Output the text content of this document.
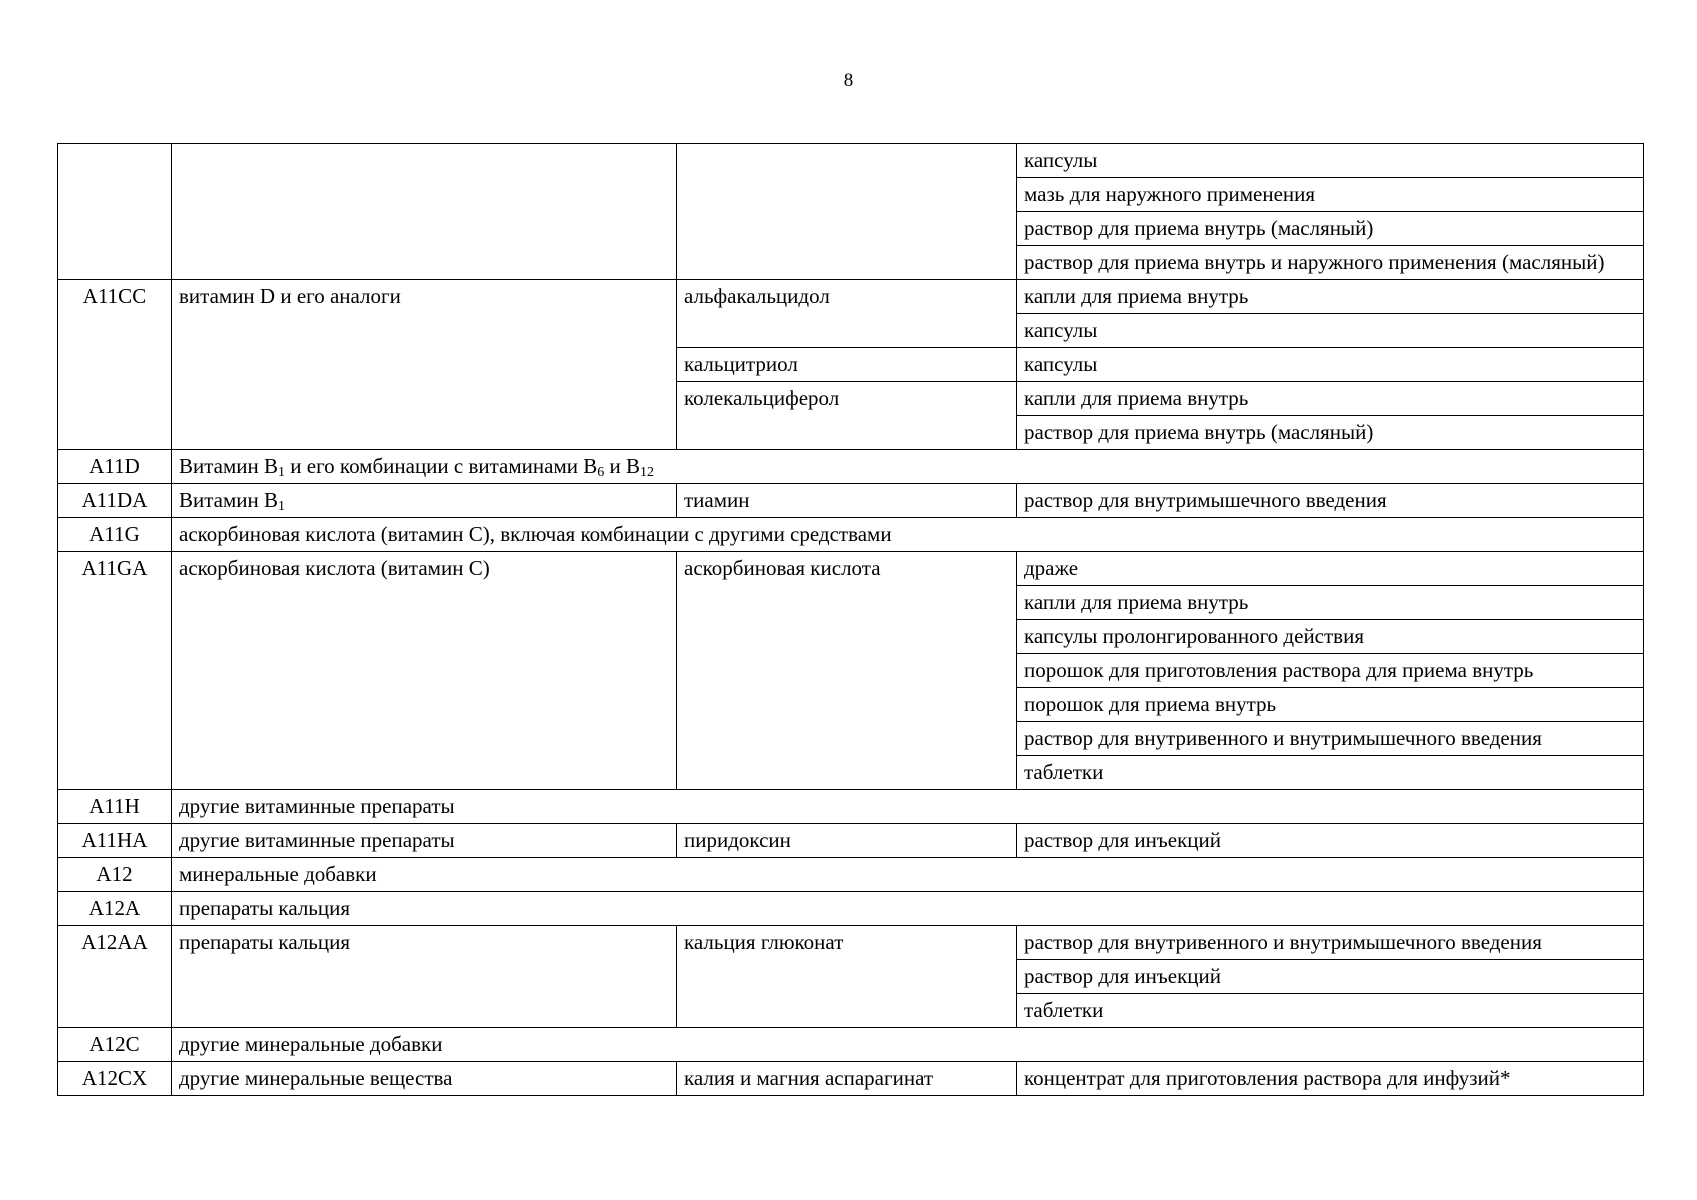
8
			капсулы
			мазь для наружного применения
			раствор для приема внутрь (масляный)
			раствор для приема внутрь и наружного применения (масляный)
A11CC	витамин D и его аналоги	альфакальцидол	капли для приема внутрь
			капсулы
		кальцитриол	капсулы
		колекальциферол	капли для приема внутрь
			раствор для приема внутрь (масляный)
A11D	Витамин $B_1$ и его комбинации с витаминами $B_6$ и $B_{12}$
A11DA	Витамин $B_1$	тиамин	раствор для внутримышечного введения
A11G	аскорбиновая кислота (витамин С), включая комбинации с другими средствами		
A11GA	аскорбиновая кислота (витамин С)	аскорбиновая кислота	драже
			капли для приема внутрь
			капсулы пролонгированного действия
			порошок для приготовления раствора для приема внутрь
			порошок для приема внутрь
			раствор для внутривенного и внутримышечного введения
			таблетки
A11H	другие витаминные препараты		
A11HA	другие витаминные препараты	пиридоксин	раствор для инъекций
A12	минеральные добавки		
A12A	препараты кальция		
A12AA	препараты кальция	кальция глюконат	раствор для внутривенного и внутримышечного введения
			раствор для инъекций
			таблетки
A12C	другие минеральные добавки		
A12CX	другие минеральные вещества	калия и магния аспарагинат	концентрат для приготовления раствора для инфузий*
